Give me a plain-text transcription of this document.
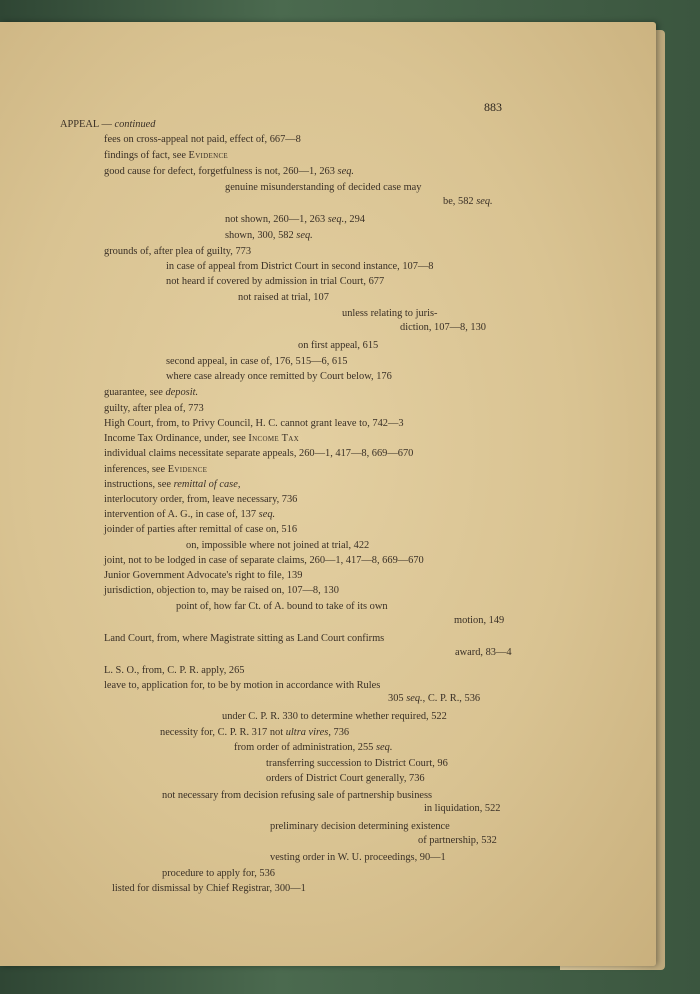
883
APPEAL — continued
fees on cross-appeal not paid, effect of, 667—8
findings of fact, see Evidence
good cause for defect, forgetfulness is not, 260—1, 263 seq.
genuine misunderstanding of decided case may
be, 582 seq.
not shown, 260—1, 263 seq., 294
shown, 300, 582 seq.
grounds of, after plea of guilty, 773
in case of appeal from District Court in second instance, 107—8
not heard if covered by admission in trial Court, 677
not raised at trial, 107
unless relating to juris-
diction, 107—8, 130
on first appeal, 615
second appeal, in case of, 176, 515—6, 615
where case already once remitted by Court below, 176
guarantee, see deposit.
guilty, after plea of, 773
High Court, from, to Privy Council, H. C. cannot grant leave to, 742—3
Income Tax Ordinance, under, see Income Tax
individual claims necessitate separate appeals, 260—1, 417—8, 669—670
inferences, see Evidence
instructions, see remittal of case,
interlocutory order, from, leave necessary, 736
intervention of A. G., in case of, 137 seq.
joinder of parties after remittal of case on, 516
on, impossible where not joined at trial, 422
joint, not to be lodged in case of separate claims, 260—1, 417—8, 669—670
Junior Government Advocate's right to file, 139
jurisdiction, objection to, may be raised on, 107—8, 130
point of, how far Ct. of A. bound to take of its own
motion, 149
Land Court, from, where Magistrate sitting as Land Court confirms
award, 83—4
L. S. O., from, C. P. R. apply, 265
leave to, application for, to be by motion in accordance with Rules
305 seq., C. P. R., 536
under C. P. R. 330 to determine whether required, 522
necessity for, C. P. R. 317 not ultra vires, 736
from order of administration, 255 seq.
transferring succession to District Court, 96
orders of District Court generally, 736
not necessary from decision refusing sale of partnership business
in liquidation, 522
preliminary decision determining existence
of partnership, 532
vesting order in W. U. proceedings, 90—1
procedure to apply for, 536
listed for dismissal by Chief Registrar, 300—1
